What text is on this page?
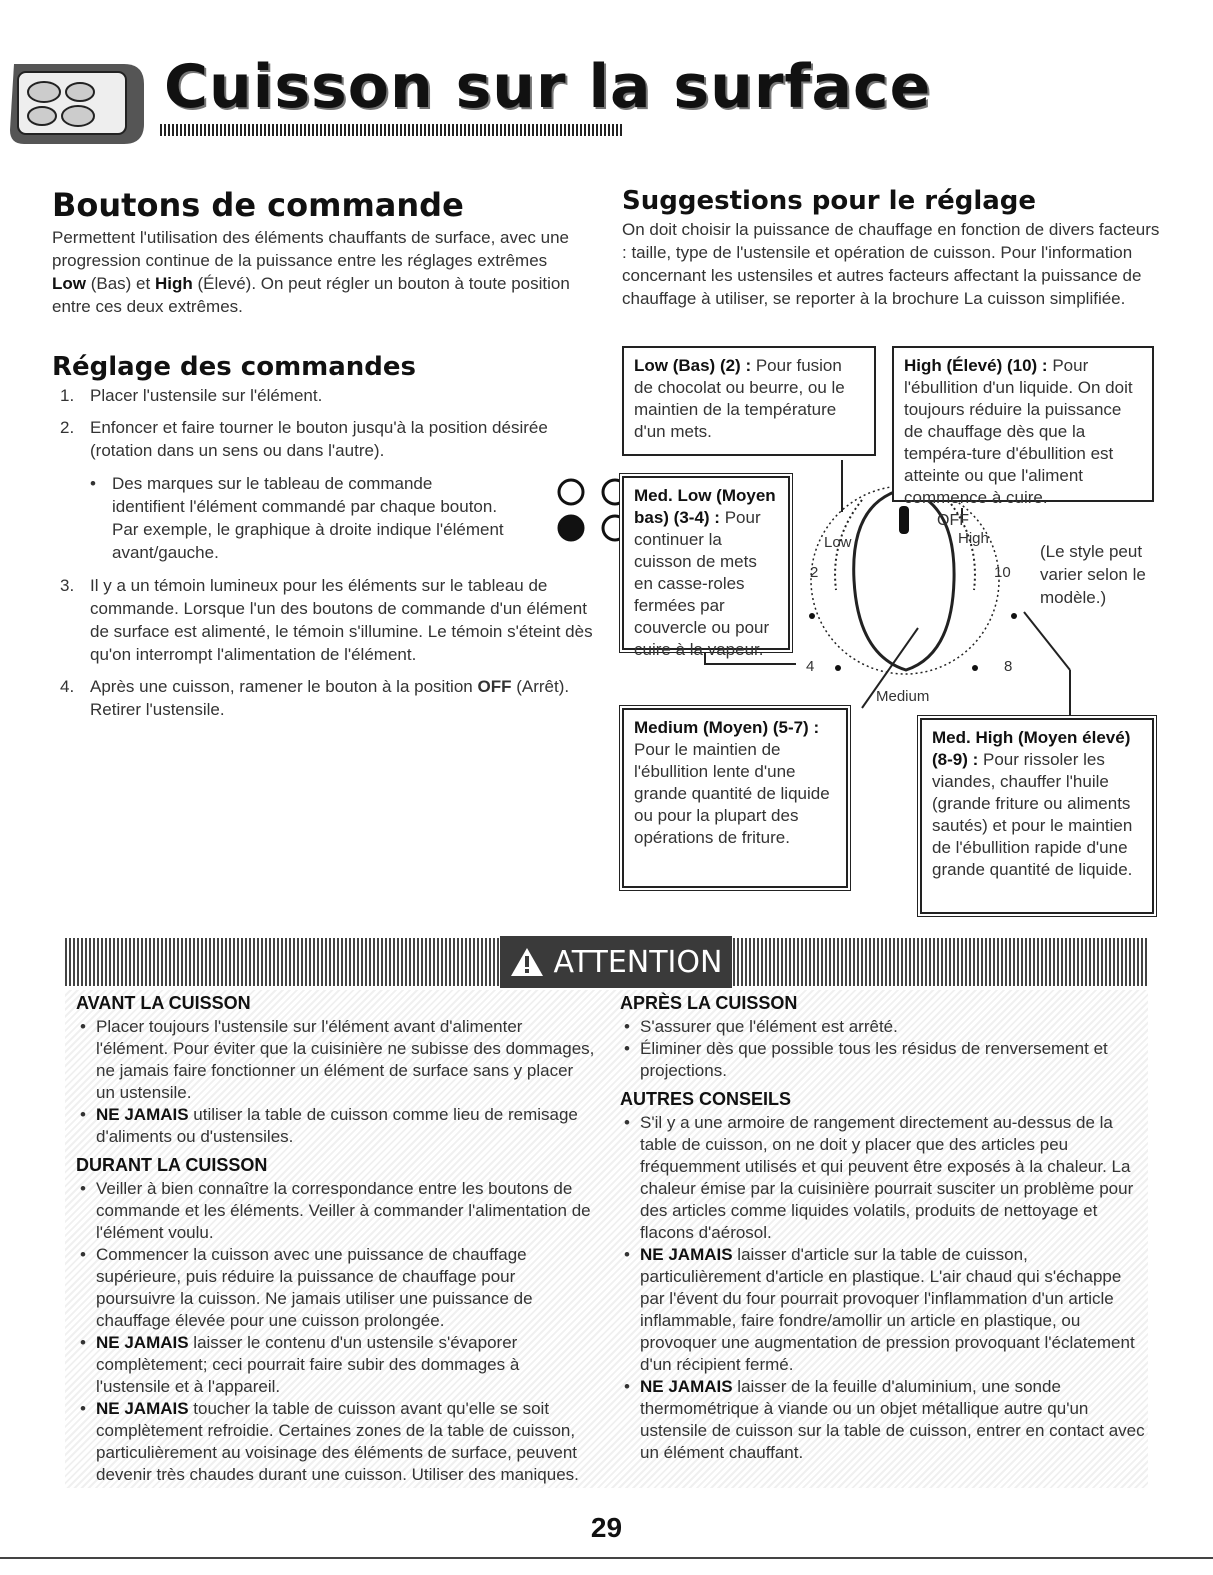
Cuisson sur la surface
Boutons de commande
Permettent l'utilisation des éléments chauffants de surface, avec une progression continue de la puissance entre les réglages extrêmes Low (Bas) et High (Élevé). On peut régler un bouton à toute position entre ces deux extrêmes.
Réglage des commandes
1. Placer l'ustensile sur l'élément.
2. Enfoncer et faire tourner le bouton jusqu'à la position désirée (rotation dans un sens ou dans l'autre).
• Des marques sur le tableau de commande identifient l'élément commandé par chaque bouton. Par exemple, le graphique à droite indique l'élément avant/gauche.
3. Il y a un témoin lumineux pour les éléments sur le tableau de commande. Lorsque l'un des boutons de commande d'un élément de surface est alimenté, le témoin s'illumine. Le témoin s'éteint dès qu'on interrompt l'alimentation de l'élément.
4. Après une cuisson, ramener le bouton à la position OFF (Arrêt). Retirer l'ustensile.
Suggestions pour le réglage
On doit choisir la puissance de chauffage en fonction de divers facteurs : taille, type de l'ustensile et opération de cuisson. Pour l'information concernant les ustensiles et autres facteurs affectant la puissance de chauffage à utiliser, se reporter à la brochure La cuisson simplifiée.
OFF
Low	High
2	10
4	8
Medium
(Le style peut varier selon le modèle.)
Low (Bas) (2) : Pour fusion de chocolat ou beurre, ou le maintien de la température d'un mets.
High (Élevé) (10) : Pour l'ébullition d'un liquide. On doit toujours réduire la puissance de chauffage dès que la tempéra-ture d'ébullition est atteinte ou que l'aliment commence à cuire.
Med. Low (Moyen bas) (3-4) : Pour continuer la cuisson de mets en casse-roles fermées par couvercle ou pour cuire à la vapeur.
Medium (Moyen) (5-7) : Pour le maintien de l'ébullition lente d'une grande quantité de liquide ou pour la plupart des opérations de friture.
Med. High (Moyen élevé) (8-9) : Pour rissoler les viandes, chauffer l'huile (grande friture ou aliments sautés) et pour le maintien de l'ébullition rapide d'une grande quantité de liquide.
ATTENTION
AVANT LA CUISSON
• Placer toujours l'ustensile sur l'élément avant d'alimenter l'élément. Pour éviter que la cuisinière ne subisse des dommages, ne jamais faire fonctionner un élément de surface sans y placer un ustensile.
• NE JAMAIS utiliser la table de cuisson comme lieu de remisage d'aliments ou d'ustensiles.
DURANT LA CUISSON
• Veiller à bien connaître la correspondance entre les boutons de commande et les éléments. Veiller à commander l'alimentation de l'élément voulu.
• Commencer la cuisson avec une puissance de chauffage supérieure, puis réduire la puissance de chauffage pour poursuivre la cuisson. Ne jamais utiliser une puissance de chauffage élevée pour une cuisson prolongée.
• NE JAMAIS laisser le contenu d'un ustensile s'évaporer complètement; ceci pourrait faire subir des dommages à l'ustensile et à l'appareil.
• NE JAMAIS toucher la table de cuisson avant qu'elle se soit complètement refroidie. Certaines zones de la table de cuisson, particulièrement au voisinage des éléments de surface, peuvent devenir très chaudes durant une cuisson. Utiliser des maniques.
APRÈS LA CUISSON
• S'assurer que l'élément est arrêté.
• Éliminer dès que possible tous les résidus de renversement et projections.
AUTRES CONSEILS
• S'il y a une armoire de rangement directement au-dessus de la table de cuisson, on ne doit y placer que des articles peu fréquemment utilisés et qui peuvent être exposés à la chaleur. La chaleur émise par la cuisinière pourrait susciter un problème pour des articles comme liquides volatils, produits de nettoyage et flacons d'aérosol.
• NE JAMAIS laisser d'article sur la table de cuisson, particulièrement d'article en plastique. L'air chaud qui s'échappe par l'évent du four pourrait provoquer l'inflammation d'un article inflammable, faire fondre/amollir un article en plastique, ou provoquer une augmentation de pression provoquant l'éclatement d'un récipient fermé.
• NE JAMAIS laisser de la feuille d'aluminium, une sonde thermométrique à viande ou un objet métallique autre qu'un ustensile de cuisson sur la table de cuisson, entrer en contact avec un élément chauffant.
29
